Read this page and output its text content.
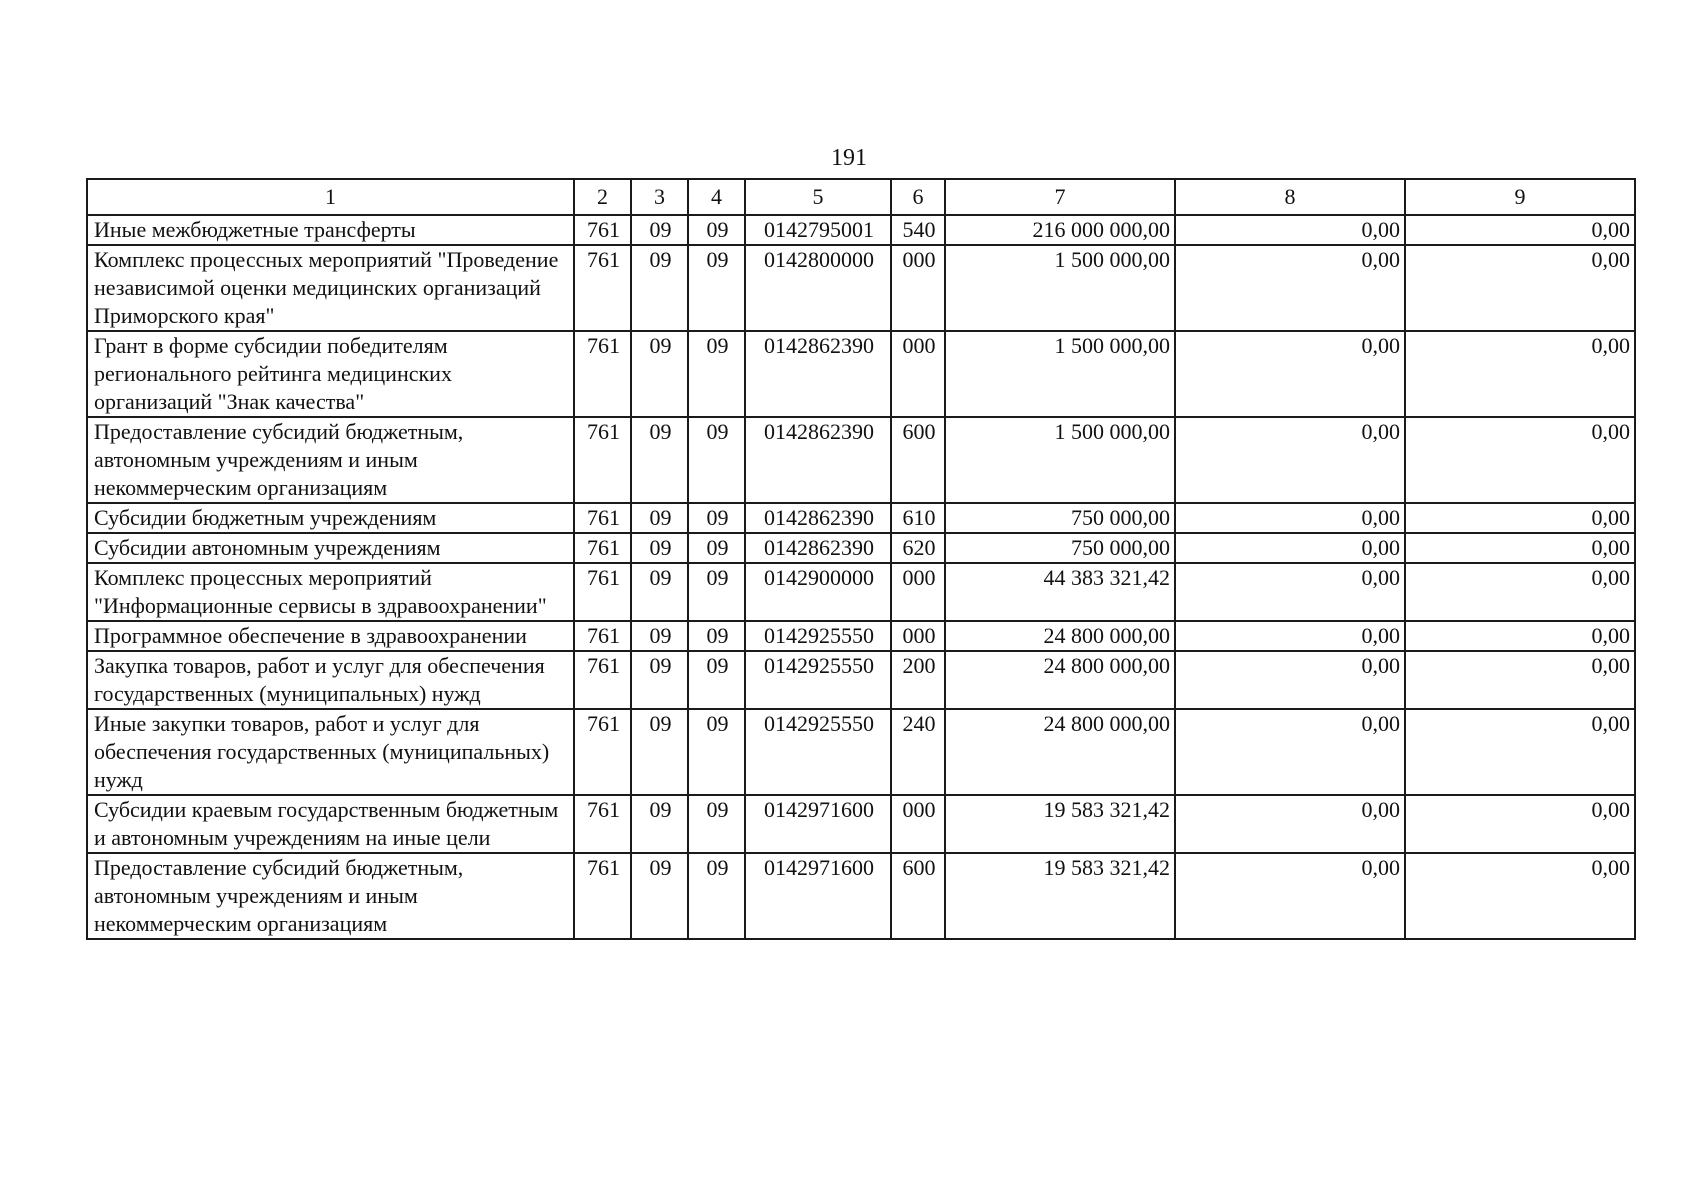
191
1	2	3	4	5	6	7	8	9
Иные межбюджетные трансферты	761	09	09	0142795001	540	216 000 000,00	0,00	0,00
Комплекс процессных мероприятий "Проведение независимой оценки медицинских организаций Приморского края"	761	09	09	0142800000	000	1 500 000,00	0,00	0,00
Грант в форме субсидии победителям регионального рейтинга медицинских организаций "Знак качества"	761	09	09	0142862390	000	1 500 000,00	0,00	0,00
Предоставление субсидий бюджетным, автономным учреждениям и иным некоммерческим организациям	761	09	09	0142862390	600	1 500 000,00	0,00	0,00
Субсидии бюджетным учреждениям	761	09	09	0142862390	610	750 000,00	0,00	0,00
Субсидии автономным учреждениям	761	09	09	0142862390	620	750 000,00	0,00	0,00
Комплекс процессных мероприятий "Информационные сервисы в здравоохранении"	761	09	09	0142900000	000	44 383 321,42	0,00	0,00
Программное обеспечение в здравоохранении	761	09	09	0142925550	000	24 800 000,00	0,00	0,00
Закупка товаров, работ и услуг для обеспечения государственных (муниципальных) нужд	761	09	09	0142925550	200	24 800 000,00	0,00	0,00
Иные закупки товаров, работ и услуг для обеспечения государственных (муниципальных) нужд	761	09	09	0142925550	240	24 800 000,00	0,00	0,00
Субсидии краевым государственным бюджетным и автономным учреждениям на иные цели	761	09	09	0142971600	000	19 583 321,42	0,00	0,00
Предоставление субсидий бюджетным, автономным учреждениям и иным некоммерческим организациям	761	09	09	0142971600	600	19 583 321,42	0,00	0,00
